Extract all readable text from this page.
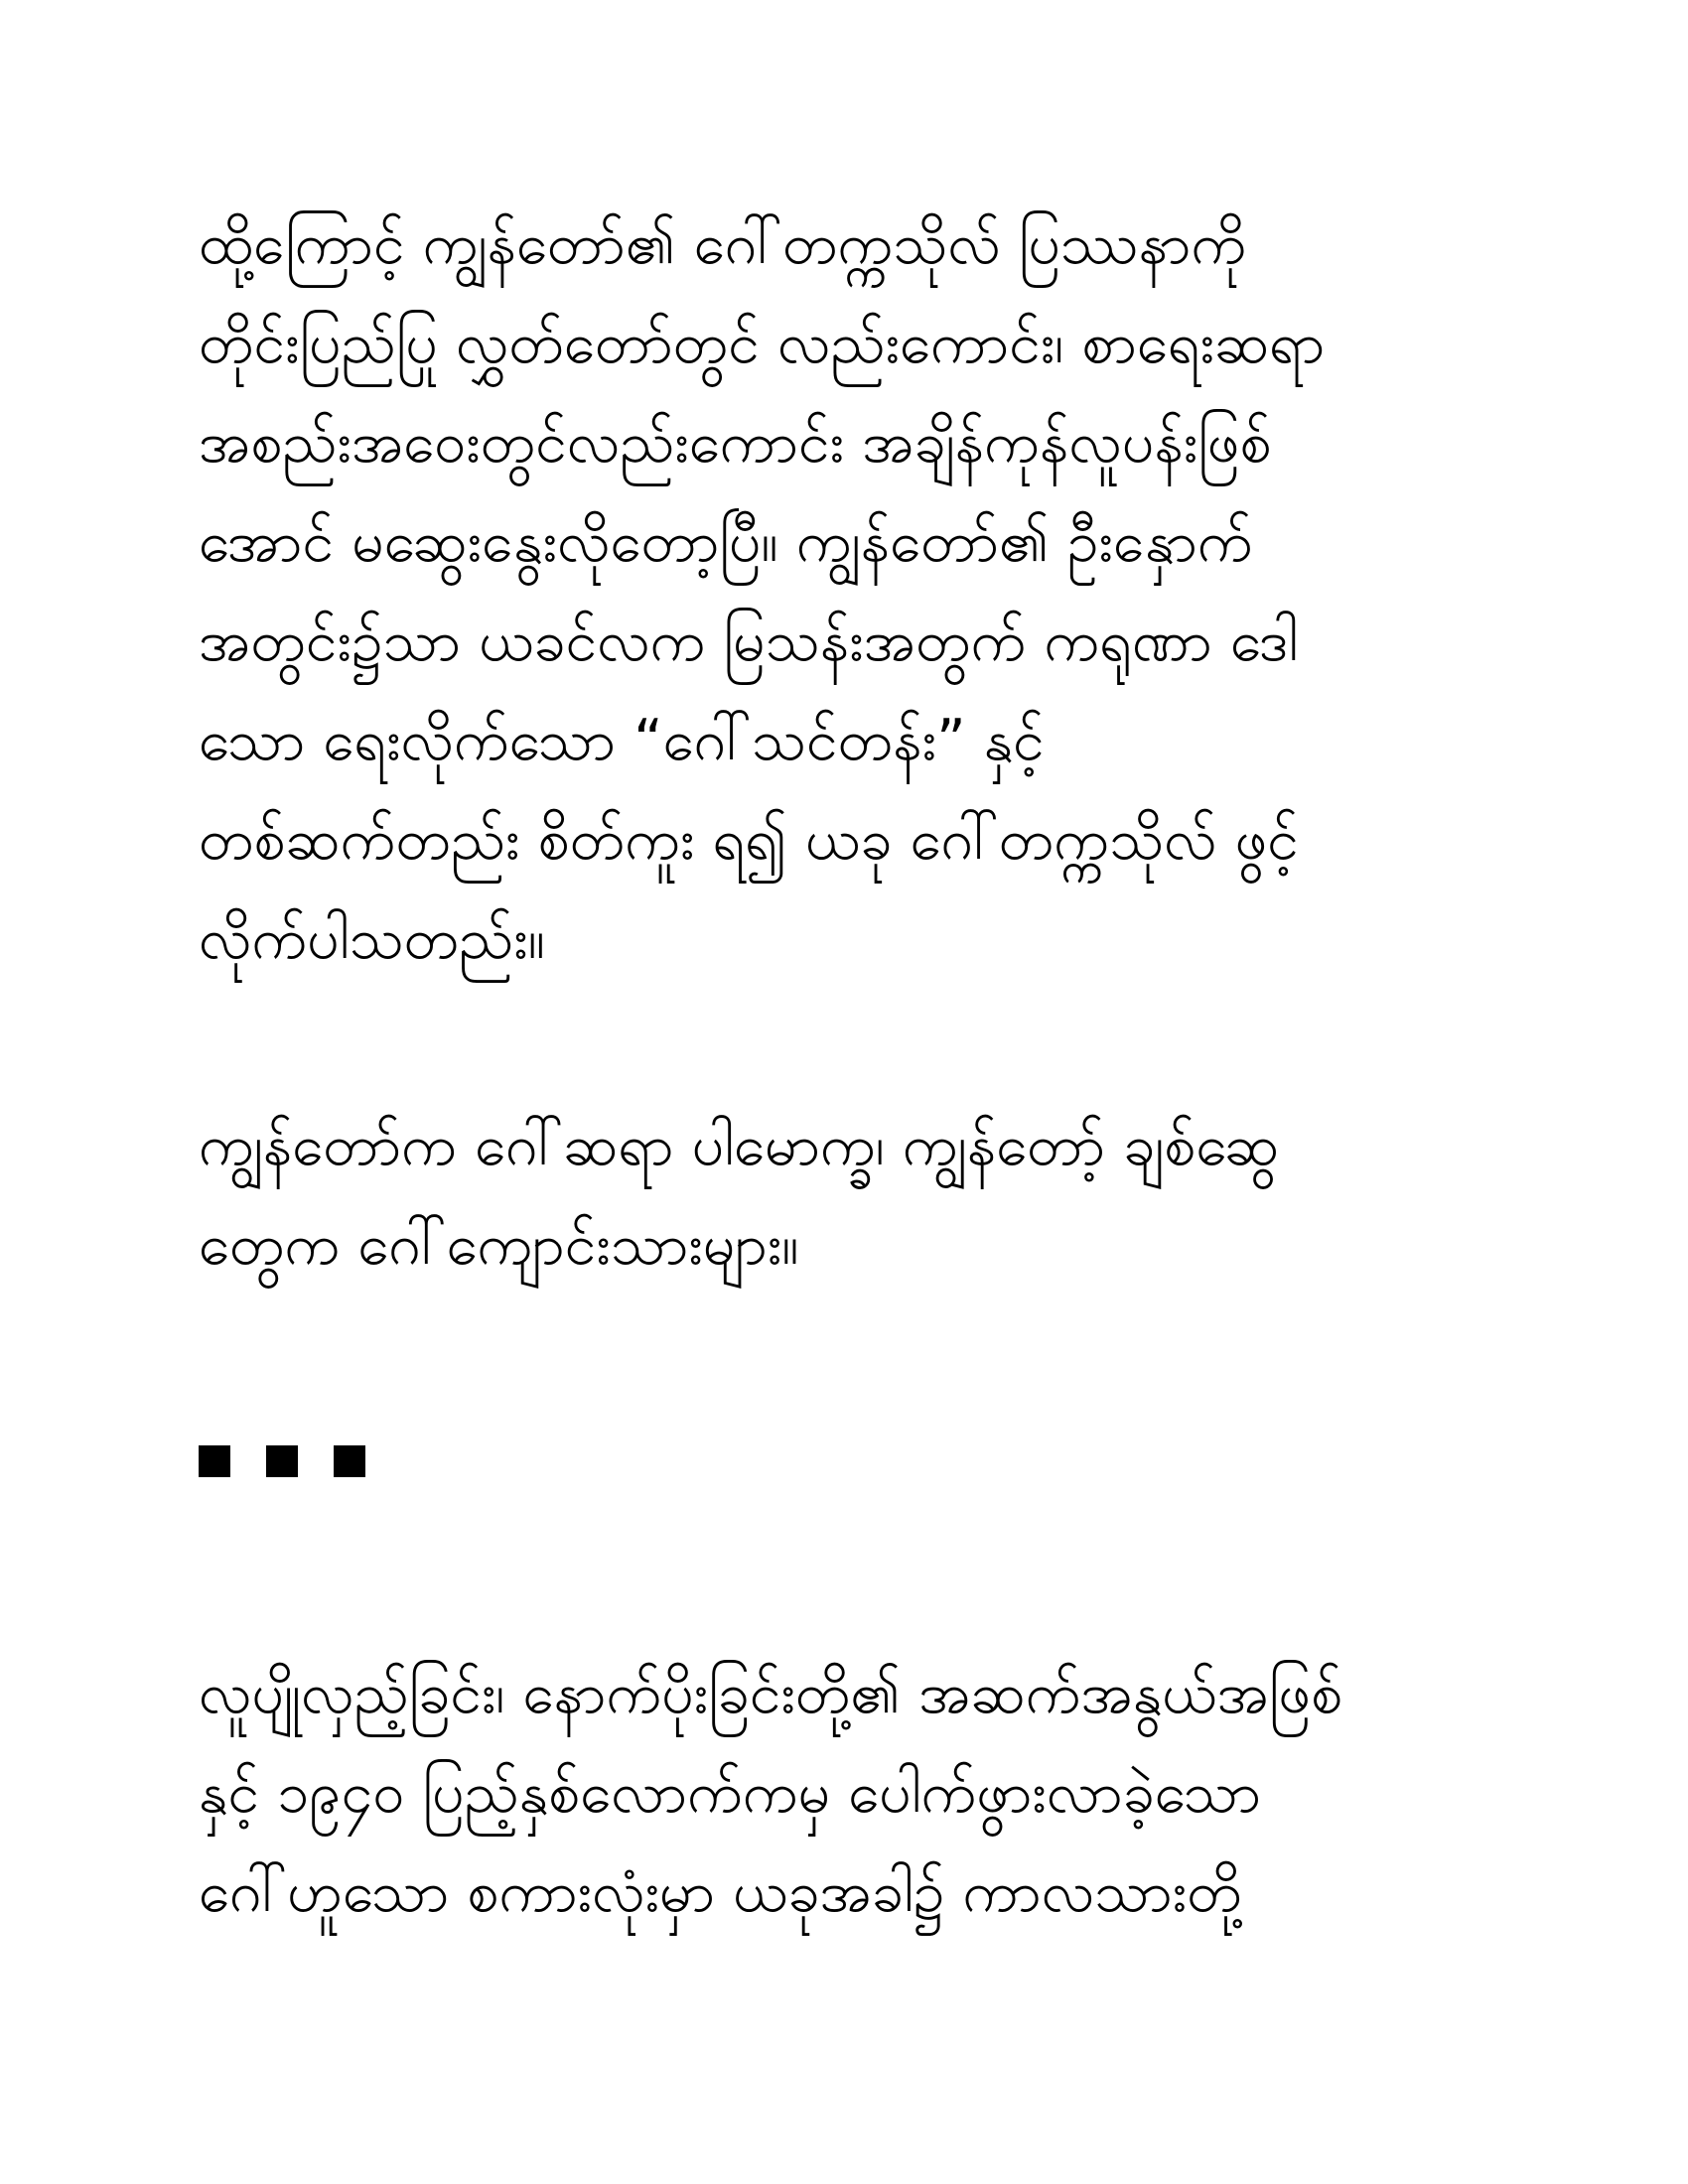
ထို့ကြောင့် ကျွန်တော်၏ ဂေါ်တက္ကသိုလ် ပြဿနာကို
တိုင်းပြည်ပြု လွှတ်တော်တွင် လည်းကောင်း၊ စာရေးဆရာ
အစည်းအဝေးတွင်လည်းကောင်း အချိန်ကုန်လူပန်းဖြစ်
အောင် မဆွေးနွေးလိုတော့ပြီ။ ကျွန်တော်၏ ဦးနှောက်
အတွင်း၌သာ ယခင်လက မြသန်းအတွက် ကရုဏာ ဒေါ
သော ရေးလိုက်သော “ဂေါ်သင်တန်း” နှင့်
တစ်ဆက်တည်း စိတ်ကူး ရ၍ ယခု ဂေါ်တက္ကသိုလ် ဖွင့်
လိုက်ပါသတည်း။
ကျွန်တော်က ဂေါ်ဆရာ ပါမောက္ခ၊ ကျွန်တော့် ချစ်ဆွေ
တွေက ဂေါ်ကျောင်းသားများ။
လူပျိုလှည့်ခြင်း၊ နောက်ပိုးခြင်းတို့၏ အဆက်အနွယ်အဖြစ်
နှင့် ၁၉၄၀ ပြည့်နှစ်လောက်ကမှ ပေါက်ဖွားလာခဲ့သော
ဂေါ်ဟူသော စကားလုံးမှာ ယခုအခါ၌ ကာလသားတို့
